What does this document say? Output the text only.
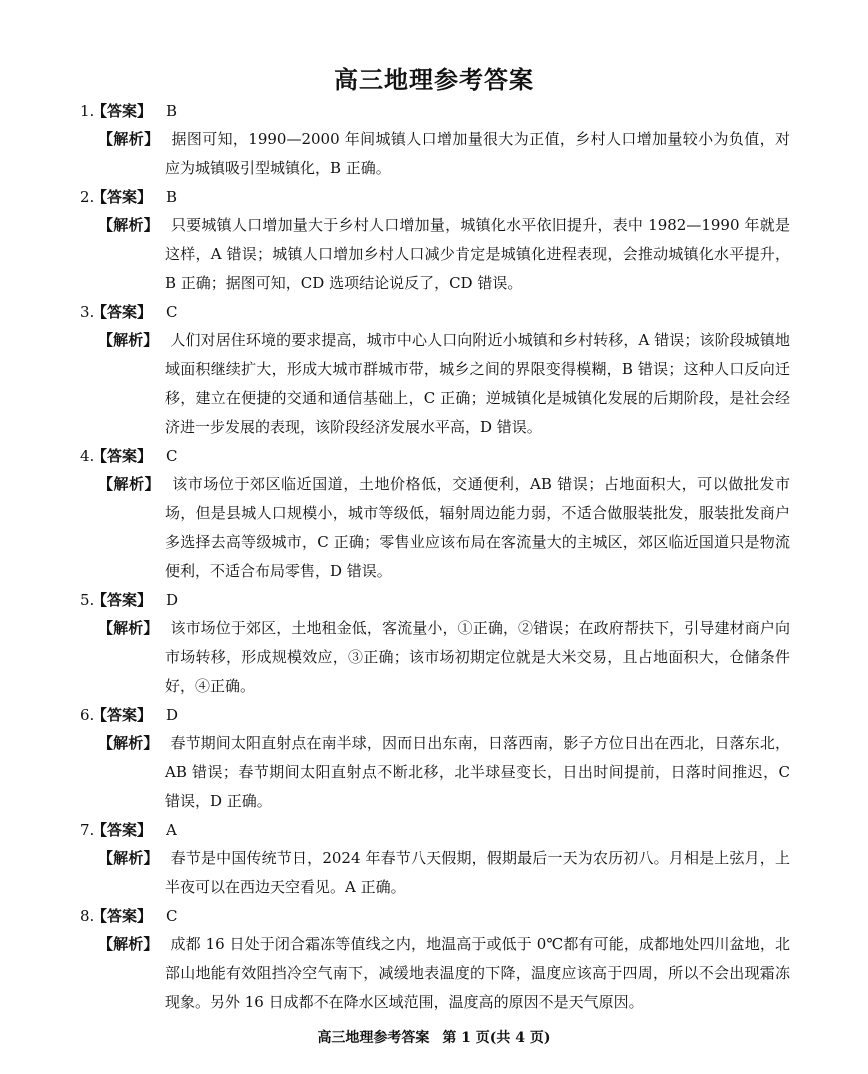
高三地理参考答案
1.【答案】 B
【解析】 据图可知，1990—2000 年间城镇人口增加量很大为正值，乡村人口增加量较小为负值，对应为城镇吸引型城镇化，B 正确。
2.【答案】 B
【解析】 只要城镇人口增加量大于乡村人口增加量，城镇化水平依旧提升，表中 1982—1990 年就是这样，A 错误；城镇人口增加乡村人口减少肯定是城镇化进程表现，会推动城镇化水平提升，B 正确；据图可知，CD 选项结论说反了，CD 错误。
3.【答案】 C
【解析】 人们对居住环境的要求提高，城市中心人口向附近小城镇和乡村转移，A 错误；该阶段城镇地域面积继续扩大，形成大城市群城市带，城乡之间的界限变得模糊，B 错误；这种人口反向迁移，建立在便捷的交通和通信基础上，C 正确；逆城镇化是城镇化发展的后期阶段，是社会经济进一步发展的表现，该阶段经济发展水平高，D 错误。
4.【答案】 C
【解析】 该市场位于郊区临近国道，土地价格低，交通便利，AB 错误；占地面积大，可以做批发市场，但是县城人口规模小，城市等级低，辐射周边能力弱，不适合做服装批发，服装批发商户多选择去高等级城市，C 正确；零售业应该布局在客流量大的主城区，郊区临近国道只是物流便利，不适合布局零售，D 错误。
5.【答案】 D
【解析】 该市场位于郊区，土地租金低，客流量小，①正确，②错误；在政府帮扶下，引导建材商户向市场转移，形成规模效应，③正确；该市场初期定位就是大米交易，且占地面积大，仓储条件好，④正确。
6.【答案】 D
【解析】 春节期间太阳直射点在南半球，因而日出东南，日落西南，影子方位日出在西北，日落东北，AB 错误；春节期间太阳直射点不断北移，北半球昼变长，日出时间提前，日落时间推迟，C 错误，D 正确。
7.【答案】 A
【解析】 春节是中国传统节日，2024 年春节八天假期，假期最后一天为农历初八。月相是上弦月，上半夜可以在西边天空看见。A 正确。
8.【答案】 C
【解析】 成都 16 日处于闭合霜冻等值线之内，地温高于或低于 0℃都有可能，成都地处四川盆地，北部山地能有效阻挡冷空气南下，减缓地表温度的下降，温度应该高于四周，所以不会出现霜冻现象。另外 16 日成都不在降水区域范围，温度高的原因不是天气原因。
高三地理参考答案 第 1 页(共 4 页)
